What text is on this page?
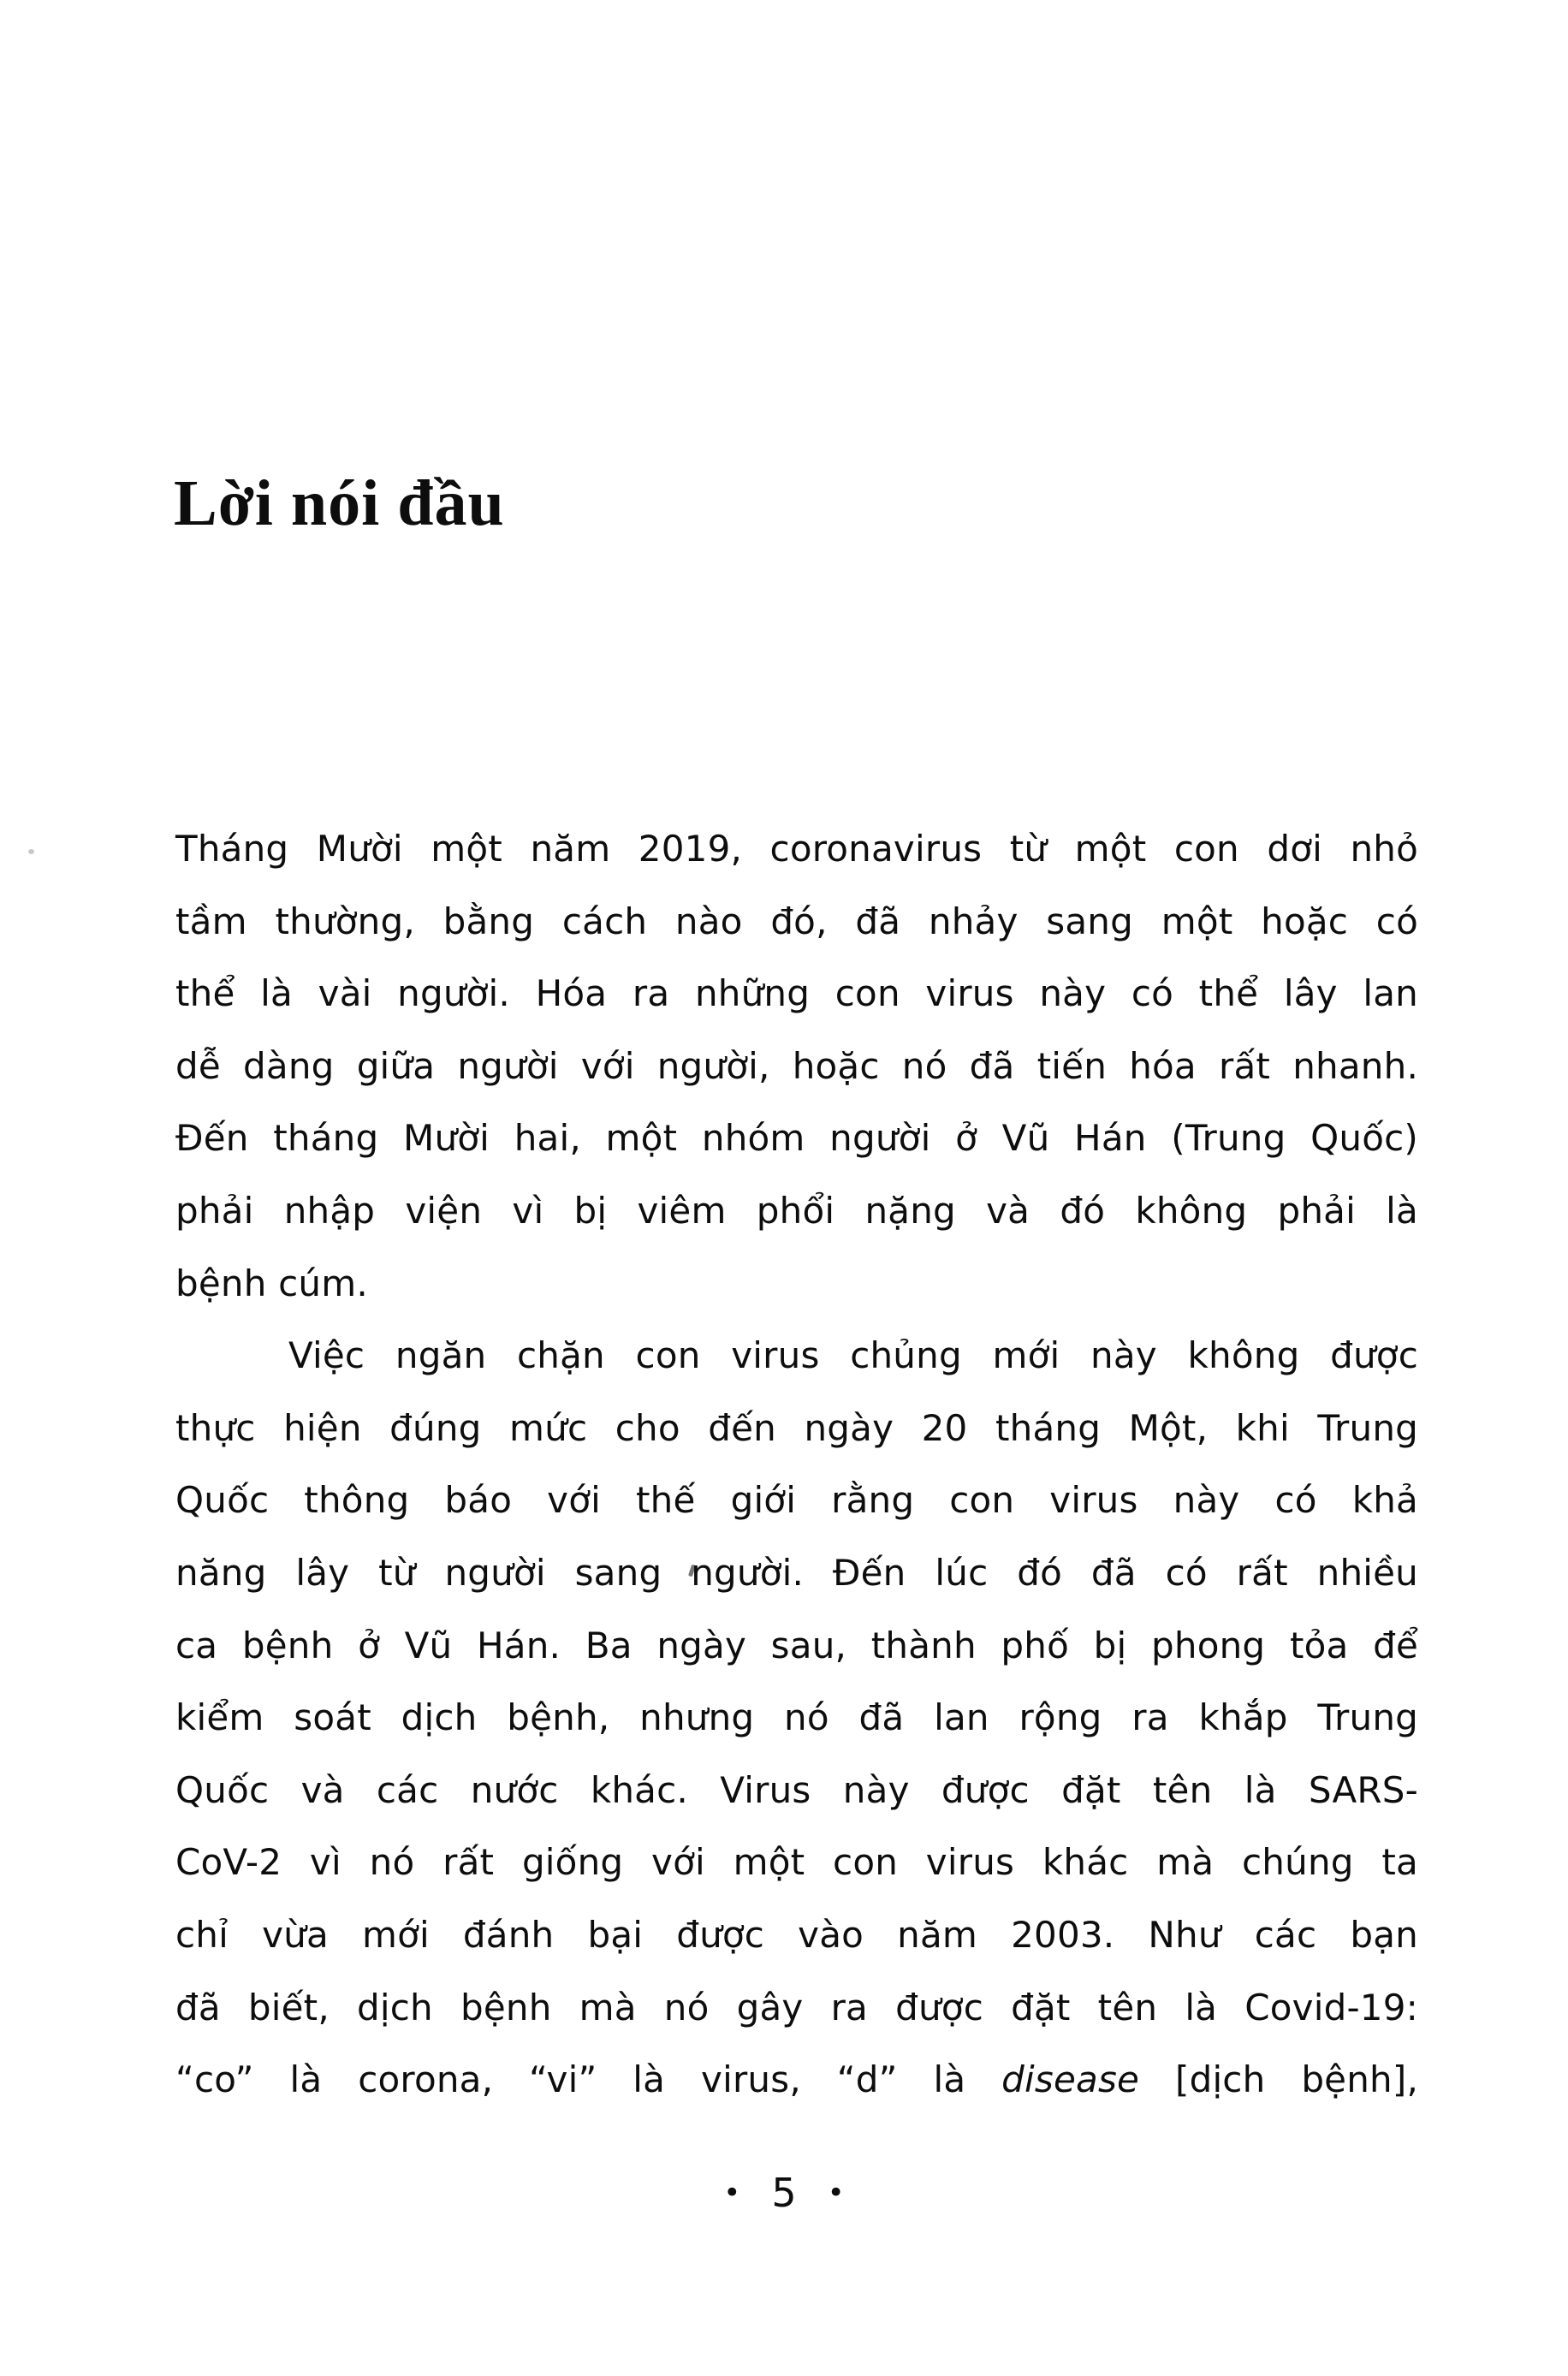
Lời nói đầu
Tháng Mười một năm 2019, coronavirus từ một con dơi nhỏ
tầm thường, bằng cách nào đó, đã nhảy sang một hoặc có
thể là vài người. Hóa ra những con virus này có thể lây lan
dễ dàng giữa người với người, hoặc nó đã tiến hóa rất nhanh.
Đến tháng Mười hai, một nhóm người ở Vũ Hán (Trung Quốc)
phải nhập viện vì bị viêm phổi nặng và đó không phải là
bệnh cúm.
Việc ngăn chặn con virus chủng mới này không được
thực hiện đúng mức cho đến ngày 20 tháng Một, khi Trung
Quốc thông báo với thế giới rằng con virus này có khả
năng lây từ người sang người. Đến lúc đó đã có rất nhiều
ca bệnh ở Vũ Hán. Ba ngày sau, thành phố bị phong tỏa để
kiểm soát dịch bệnh, nhưng nó đã lan rộng ra khắp Trung
Quốc và các nước khác. Virus này được đặt tên là SARS-
CoV-2 vì nó rất giống với một con virus khác mà chúng ta
chỉ vừa mới đánh bại được vào năm 2003. Như các bạn
đã biết, dịch bệnh mà nó gây ra được đặt tên là Covid-19:
“co” là corona, “vi” là virus, “d” là disease [dịch bệnh],
• 5 •
